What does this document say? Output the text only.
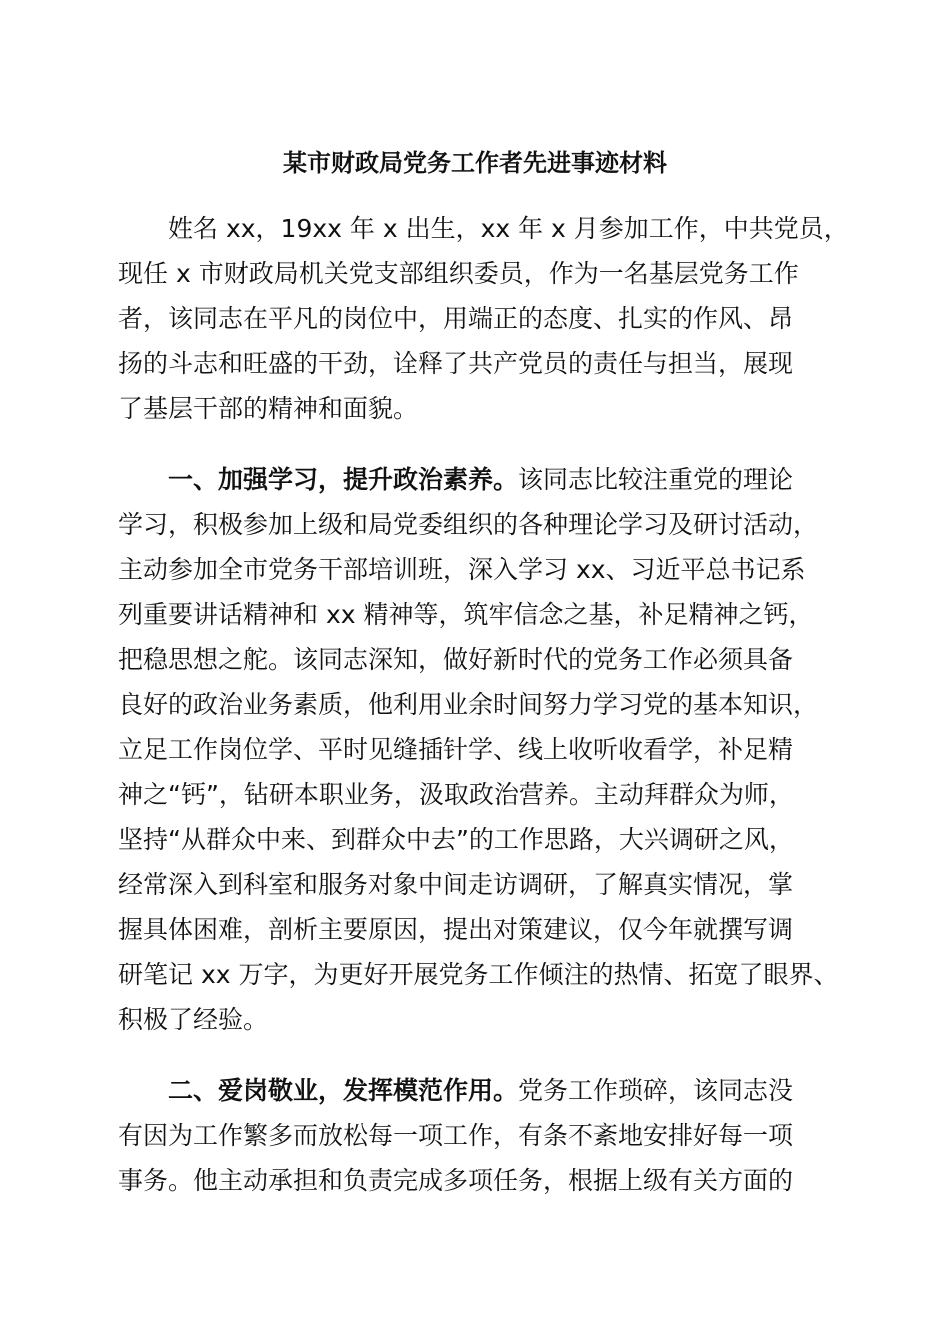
某市财政局党务工作者先进事迹材料

姓名 xx，19xx 年 x 出生，xx 年 x 月参加工作，中共党员，
现任 x 市财政局机关党支部组织委员，作为一名基层党务工作
者，该同志在平凡的岗位中，用端正的态度、扎实的作风、昂
扬的斗志和旺盛的干劲，诠释了共产党员的责任与担当，展现
了基层干部的精神和面貌。

一、加强学习，提升政治素养。该同志比较注重党的理论
学习，积极参加上级和局党委组织的各种理论学习及研讨活动，
主动参加全市党务干部培训班，深入学习 xx、习近平总书记系
列重要讲话精神和 xx 精神等，筑牢信念之基，补足精神之钙，
把稳思想之舵。该同志深知，做好新时代的党务工作必须具备
良好的政治业务素质，他利用业余时间努力学习党的基本知识，
立足工作岗位学、平时见缝插针学、线上收听收看学，补足精
神之“钙”，钻研本职业务，汲取政治营养。主动拜群众为师，
坚持“从群众中来、到群众中去”的工作思路，大兴调研之风，
经常深入到科室和服务对象中间走访调研，了解真实情况，掌
握具体困难，剖析主要原因，提出对策建议，仅今年就撰写调
研笔记 xx 万字，为更好开展党务工作倾注的热情、拓宽了眼界、
积极了经验。

二、爱岗敬业，发挥模范作用。党务工作琐碎，该同志没
有因为工作繁多而放松每一项工作，有条不紊地安排好每一项
事务。他主动承担和负责完成多项任务，根据上级有关方面的
